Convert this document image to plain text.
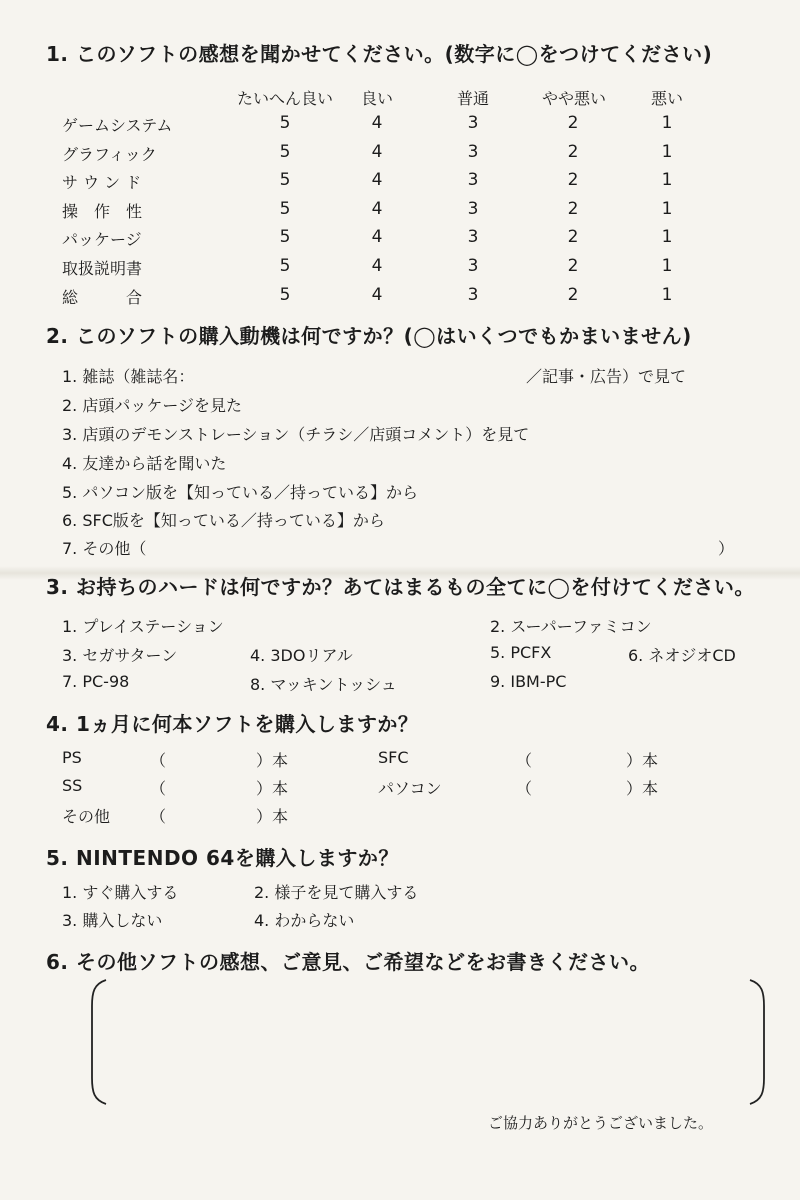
1. このソフトの感想を聞かせてください。(数字に◯をつけてください)
たいへん良い	良い	普通	やや悪い	悪い
ゲームシステム	5	4	3	2	1
グラフィック	5	4	3	2	1
サ ウ ン ド	5	4	3	2	1
操　作　性	5	4	3	2	1
パッケージ	5	4	3	2	1
取扱説明書	5	4	3	2	1
総　　　合	5	4	3	2	1
2. このソフトの購入動機は何ですか？(◯はいくつでもかまいません)
1. 雑誌（雑誌名：	／記事・広告）で見て
2. 店頭パッケージを見た
3. 店頭のデモンストレーション（チラシ／店頭コメント）を見て
4. 友達から話を聞いた
5. パソコン版を【知っている／持っている】から
6. SFC版を【知っている／持っている】から
7. その他（	）
3. お持ちのハードは何ですか？あてはまるもの全てに◯を付けてください。
1. プレイステーション	2. スーパーファミコン
3. セガサターン	4. 3DOリアル	5. PCFX	6. ネオジオCD
7. PC-98	8. マッキントッシュ	9. IBM-PC
4. 1ヵ月に何本ソフトを購入しますか？
PS	（	）本	SFC	（	）本
SS	（	）本	パソコン	（	）本
その他 （	）本
5. NINTENDO 64を購入しますか？
1. すぐ購入する	2. 様子を見て購入する
3. 購入しない	4. わからない
6. その他ソフトの感想、ご意見、ご希望などをお書きください。
ご協力ありがとうございました。
